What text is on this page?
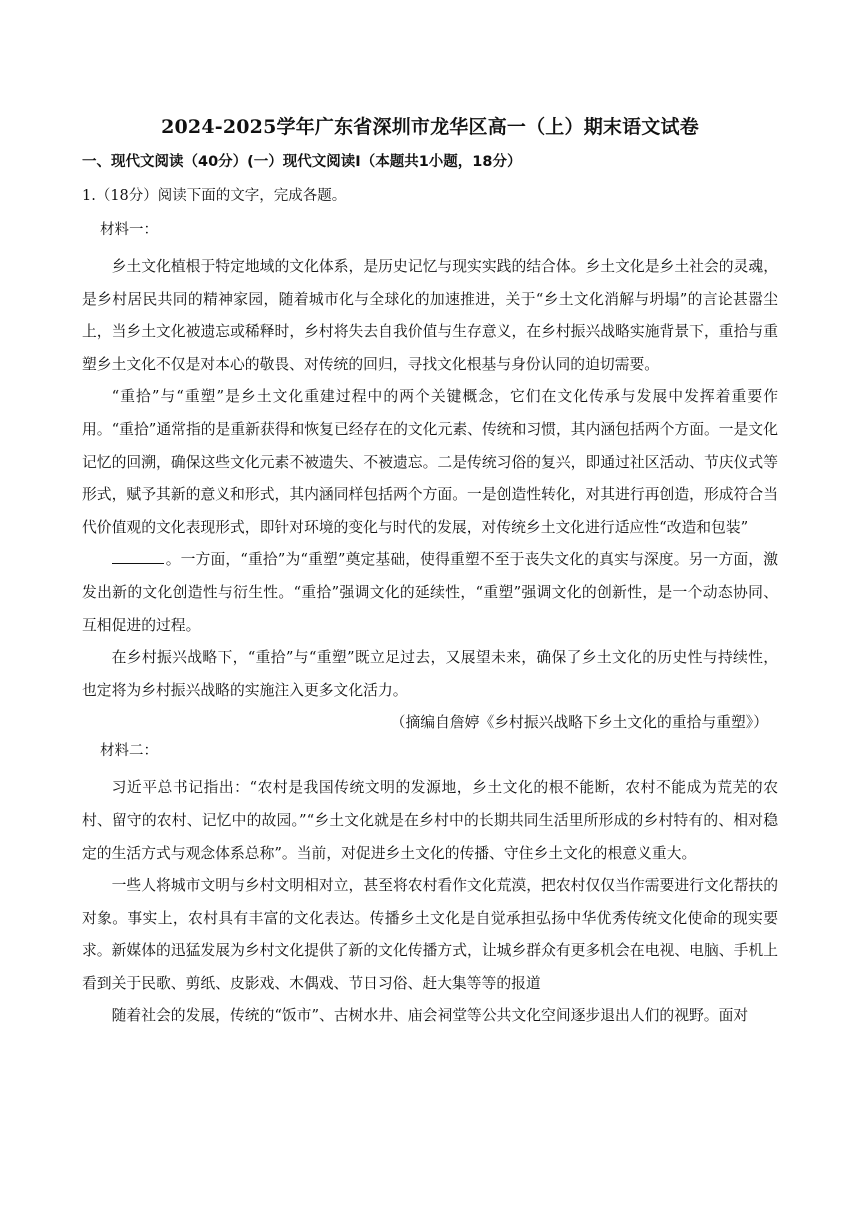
2024-2025学年广东省深圳市龙华区高一（上）期末语文试卷
一、现代文阅读（40分）(一）现代文阅读Ⅰ（本题共1小题，18分）
1.（18分）阅读下面的文字，完成各题。
材料一：

乡土文化植根于特定地域的文化体系，是历史记忆与现实实践的结合体。乡土文化是乡土社会的灵魂，是乡村居民共同的精神家园，随着城市化与全球化的加速推进，关于“乡土文化消解与坍塌”的言论甚嚣尘上，当乡土文化被遗忘或稀释时，乡村将失去自我价值与生存意义，在乡村振兴战略实施背景下，重拾与重塑乡土文化不仅是对本心的敬畏、对传统的回归，寻找文化根基与身份认同的迫切需要。

“重拾”与“重塑”是乡土文化重建过程中的两个关键概念，它们在文化传承与发展中发挥着重要作用。“重拾”通常指的是重新获得和恢复已经存在的文化元素、传统和习惯，其内涵包括两个方面。一是文化记忆的回溯，确保这些文化元素不被遗失、不被遗忘。二是传统习俗的复兴，即通过社区活动、节庆仪式等形式，赋予其新的意义和形式，其内涵同样包括两个方面。一是创造性转化，对其进行再创造，形成符合当代价值观的文化表现形式，即针对环境的变化与时代的发展，对传统乡土文化进行适应性“改造和包装”

。一方面，“重拾”为“重塑”奠定基础，使得重塑不至于丧失文化的真实与深度。另一方面，激发出新的文化创造性与衍生性。“重拾”强调文化的延续性，“重塑”强调文化的创新性，是一个动态协同、互相促进的过程。

在乡村振兴战略下，“重拾”与“重塑”既立足过去，又展望未来，确保了乡土文化的历史性与持续性，也定将为乡村振兴战略的实施注入更多文化活力。

（摘编自詹婷《乡村振兴战略下乡土文化的重拾与重塑》）
材料二：

习近平总书记指出：“农村是我国传统文明的发源地，乡土文化的根不能断，农村不能成为荒芜的农村、留守的农村、记忆中的故园。”“乡土文化就是在乡村中的长期共同生活里所形成的乡村特有的、相对稳定的生活方式与观念体系总称”。当前，对促进乡土文化的传播、守住乡土文化的根意义重大。

一些人将城市文明与乡村文明相对立，甚至将农村看作文化荒漠，把农村仅仅当作需要进行文化帮扶的对象。事实上，农村具有丰富的文化表达。传播乡土文化是自觉承担弘扬中华优秀传统文化使命的现实要求。新媒体的迅猛发展为乡村文化提供了新的文化传播方式，让城乡群众有更多机会在电视、电脑、手机上看到关于民歌、剪纸、皮影戏、木偶戏、节日习俗、赶大集等等的报道

随着社会的发展，传统的“饭市”、古树水井、庙会祠堂等公共文化空间逐步退出人们的视野。面对
